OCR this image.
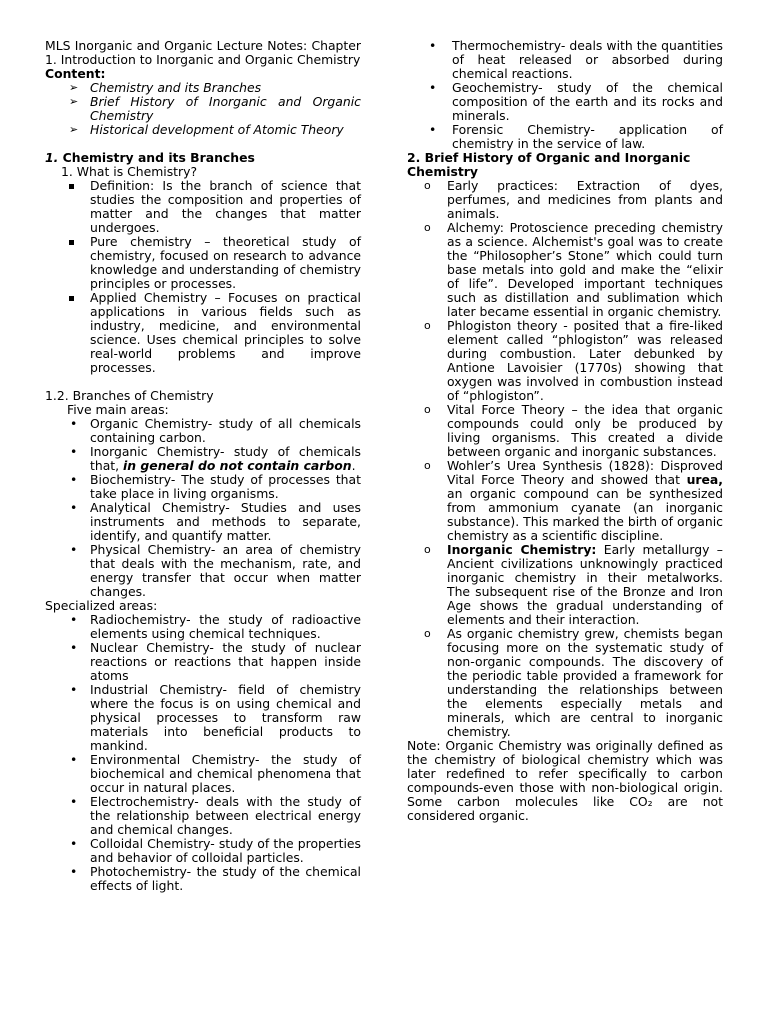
MLS Inorganic and Organic Lecture Notes: Chapter 1. Introduction to Inorganic and Organic Chemistry

Content:

➢ Chemistry and its Branches
➢ Brief History of Inorganic and Organic Chemistry
➢ Historical development of Atomic Theory

1. Chemistry and its Branches

1. What is Chemistry?

Definition: Is the branch of science that studies the composition and properties of matter and the changes that matter undergoes.
Pure chemistry – theoretical study of chemistry, focused on research to advance knowledge and understanding of chemistry principles or processes.
Applied Chemistry – Focuses on practical applications in various fields such as industry, medicine, and environmental science. Uses chemical principles to solve real-world problems and improve processes.

1.2. Branches of Chemistry

Five main areas:

• Organic Chemistry- study of all chemicals containing carbon.
• Inorganic Chemistry- study of chemicals that, in general do not contain carbon.
• Biochemistry- The study of processes that take place in living organisms.
• Analytical Chemistry- Studies and uses instruments and methods to separate, identify, and quantify matter.
• Physical Chemistry- an area of chemistry that deals with the mechanism, rate, and energy transfer that occur when matter changes.

Specialized areas:

• Radiochemistry- the study of radioactive elements using chemical techniques.
• Nuclear Chemistry- the study of nuclear reactions or reactions that happen inside atoms
• Industrial Chemistry- field of chemistry where the focus is on using chemical and physical processes to transform raw materials into beneficial products to mankind.
• Environmental Chemistry- the study of biochemical and chemical phenomena that occur in natural places.
• Electrochemistry- deals with the study of the relationship between electrical energy and chemical changes.
• Colloidal Chemistry- study of the properties and behavior of colloidal particles.
• Photochemistry- the study of the chemical effects of light.
• Thermochemistry- deals with the quantities of heat released or absorbed during chemical reactions.
• Geochemistry- study of the chemical composition of the earth and its rocks and minerals.
• Forensic Chemistry- application of chemistry in the service of law.

2. Brief History of Organic and Inorganic Chemistry

o Early practices: Extraction of dyes, perfumes, and medicines from plants and animals.
o Alchemy: Protoscience preceding chemistry as a science. Alchemist's goal was to create the “Philosopher’s Stone” which could turn base metals into gold and make the “elixir of life”. Developed important techniques such as distillation and sublimation which later became essential in organic chemistry.
o Phlogiston theory - posited that a fire-liked element called “phlogiston” was released during combustion. Later debunked by Antione Lavoisier (1770s) showing that oxygen was involved in combustion instead of “phlogiston”.
o Vital Force Theory – the idea that organic compounds could only be produced by living organisms. This created a divide between organic and inorganic substances.
o Wohler’s Urea Synthesis (1828): Disproved Vital Force Theory and showed that urea, an organic compound can be synthesized from ammonium cyanate (an inorganic substance). This marked the birth of organic chemistry as a scientific discipline.
o Inorganic Chemistry: Early metallurgy – Ancient civilizations unknowingly practiced inorganic chemistry in their metalworks. The subsequent rise of the Bronze and Iron Age shows the gradual understanding of elements and their interaction.
o As organic chemistry grew, chemists began focusing more on the systematic study of non-organic compounds. The discovery of the periodic table provided a framework for understanding the relationships between the elements especially metals and minerals, which are central to inorganic chemistry.

Note: Organic Chemistry was originally defined as the chemistry of biological chemistry which was later redefined to refer specifically to carbon compounds-even those with non-biological origin. Some carbon molecules like CO₂ are not considered organic.
